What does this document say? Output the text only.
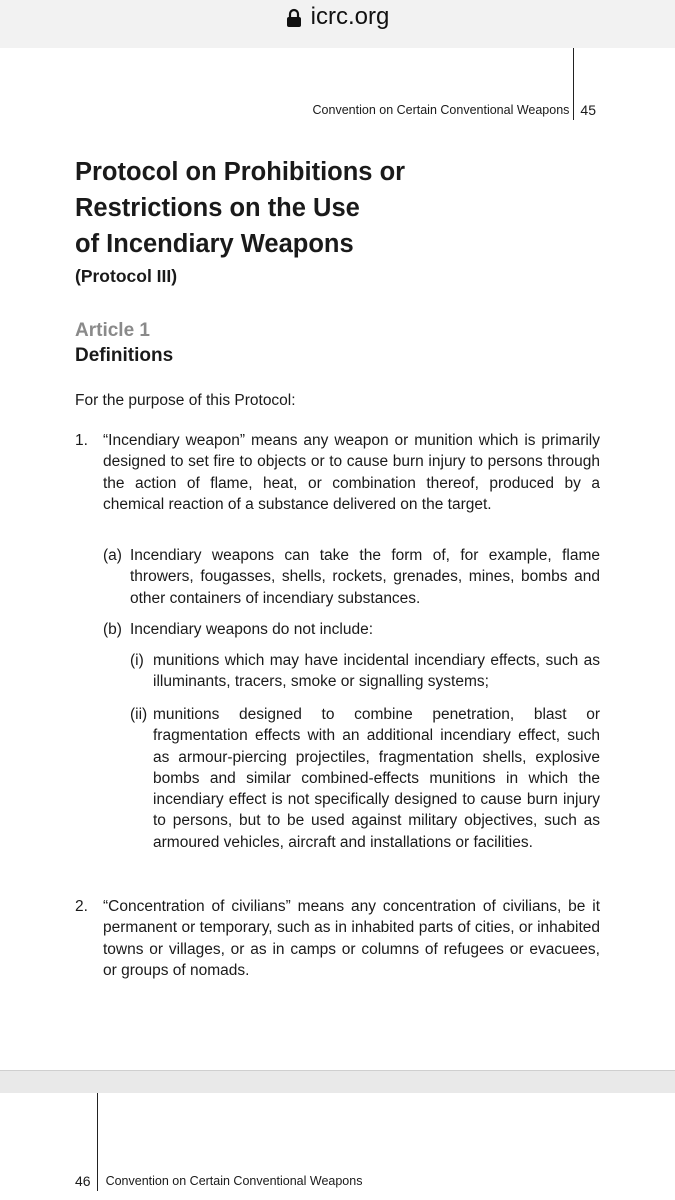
icrc.org
Convention on Certain Conventional Weapons 45
Protocol on Prohibitions or
Restrictions on the Use
of Incendiary Weapons

(Protocol III)

Article 1

Definitions

For the purpose of this Protocol:

1. “Incendiary weapon” means any weapon or munition which is primarily designed to set fire to objects or to cause burn injury to persons through the action of flame, heat, or combination thereof, produced by a chemical reaction of a substance delivered on the target.

(a) Incendiary weapons can take the form of, for example, flame throwers, fougasses, shells, rockets, grenades, mines, bombs and other containers of incendiary substances.

(b) Incendiary weapons do not include:

(i) munitions which may have incidental incendiary effects, such as illuminants, tracers, smoke or signalling systems;

(ii) munitions designed to combine penetration, blast or fragmentation effects with an additional incendiary effect, such as armour-piercing projectiles, fragmentation shells, explosive bombs and similar combined-effects munitions in which the incendiary effect is not specifically designed to cause burn injury to persons, but to be used against military objectives, such as armoured vehicles, aircraft and installations or facilities.

2. “Concentration of civilians” means any concentration of civilians, be it permanent or temporary, such as in inhabited parts of cities, or inhabited towns or villages, or as in camps or columns of refugees or evacuees, or groups of nomads.

46 Convention on Certain Conventional Weapons
